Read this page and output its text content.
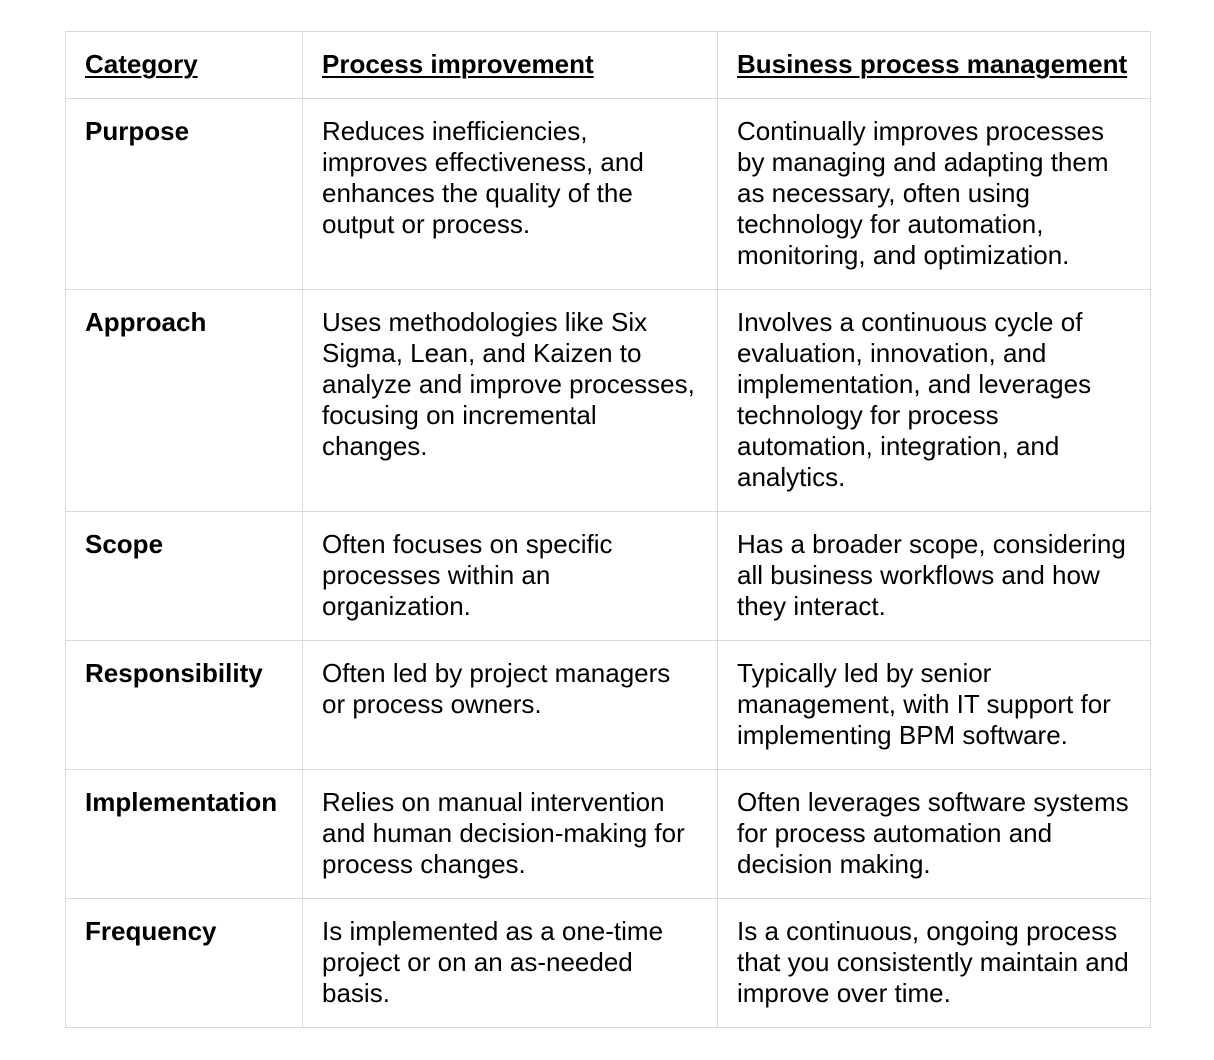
Category	Process improvement	Business process management
Purpose	Reduces inefficiencies, improves effectiveness, and enhances the quality of the output or process.	Continually improves processes by managing and adapting them as necessary, often using technology for automation, monitoring, and optimization.
Approach	Uses methodologies like Six Sigma, Lean, and Kaizen to analyze and improve processes, focusing on incremental changes.	Involves a continuous cycle of evaluation, innovation, and implementation, and leverages technology for process automation, integration, and analytics.
Scope	Often focuses on specific processes within an organization.	Has a broader scope, considering all business workflows and how they interact.
Responsibility	Often led by project managers or process owners.	Typically led by senior management, with IT support for implementing BPM software.
Implementation	Relies on manual intervention and human decision-making for process changes.	Often leverages software systems for process automation and decision making.
Frequency	Is implemented as a one-time project or on an as-needed basis.	Is a continuous, ongoing process that you consistently maintain and improve over time.
